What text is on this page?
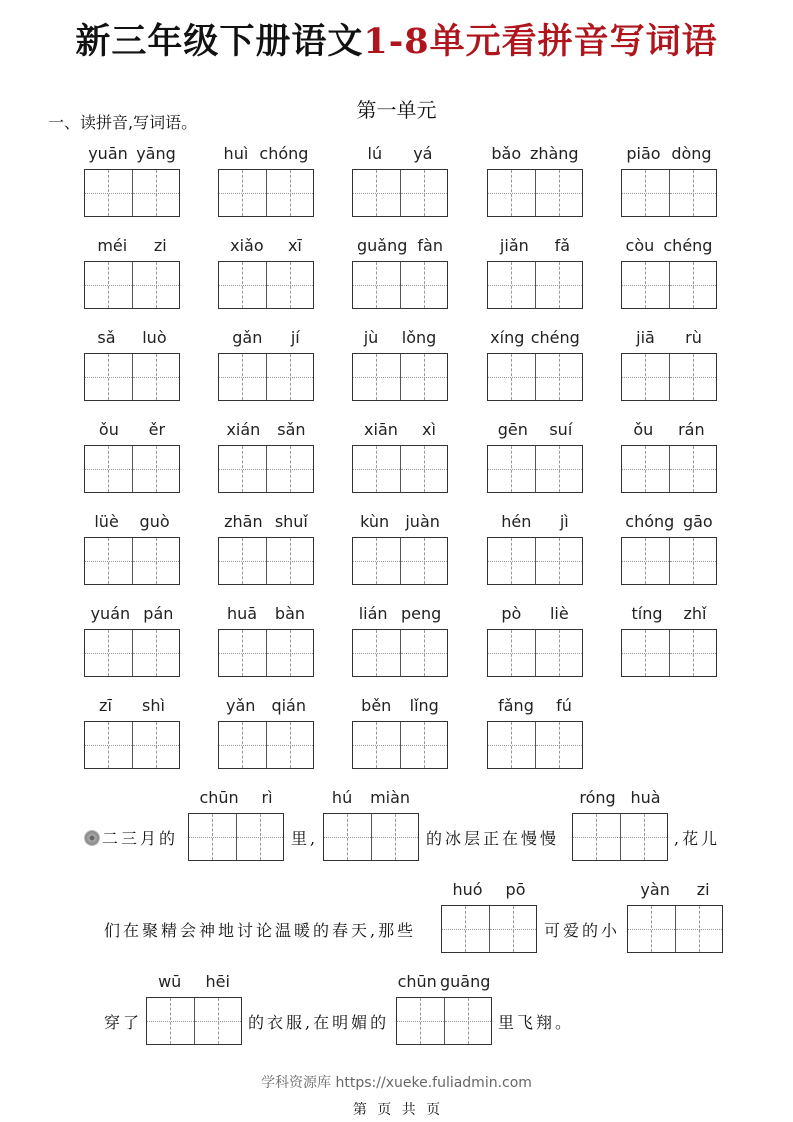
新三年级下册语文1-8单元看拼音写词语
第一单元
一、读拼音,写词语。
yuān yāng	huì chóng	lú yá	bǎo zhàng	piāo dòng
méi zi	xiǎo xī	guǎng fàn	jiǎn fǎ	còu chéng
sǎ luò	gǎn jí	jù lǒng	xíng chéng	jiā rù
ǒu ěr	xián sǎn	xiān xì	gēn suí	ǒu rán
lüè guò	zhān shuǐ	kùn juàn	hén jì	chóng gāo
yuán pán	huā bàn	lián peng	pò liè	tíng zhǐ
zī shì	yǎn qián	běn lǐng	fǎng fú
二三月的
chūn rì
里,
hú miàn
的冰层正在慢慢
róng huà
,花儿
们在聚精会神地讨论温暖的春天,那些
huó pō
可爱的小
yàn zi
穿了
wū hēi
的衣服,在明媚的
chūn guāng
里飞翔。
学科资源库 https://xueke.fuliadmin.com
第 页 共 页
